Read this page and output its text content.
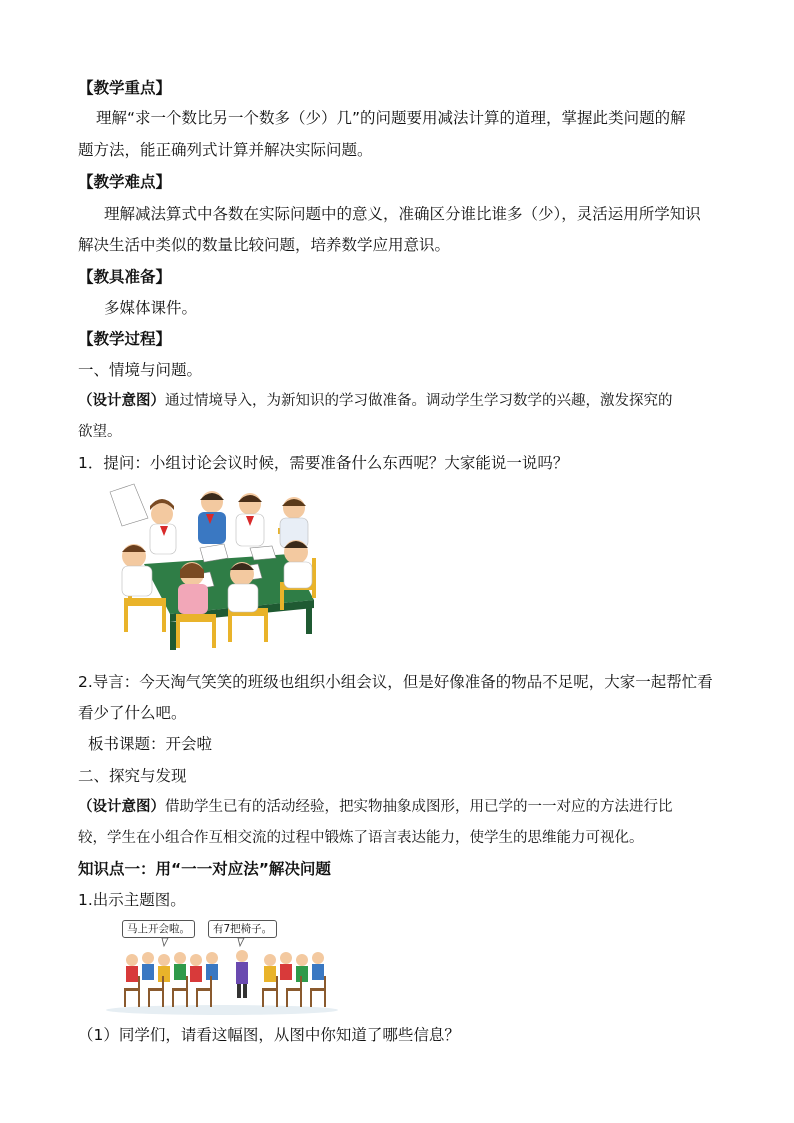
【教学重点】
理解“求一个数比另一个数多（少）几”的问题要用减法计算的道理，掌握此类问题的解
题方法，能正确列式计算并解决实际问题。
【教学难点】
理解减法算式中各数在实际问题中的意义，准确区分谁比谁多（少），灵活运用所学知识
解决生活中类似的数量比较问题，培养数学应用意识。
【教具准备】
多媒体课件。
【教学过程】
一、情境与问题。
（设计意图）通过情境导入，为新知识的学习做准备。调动学生学习数学的兴趣，激发探究的
欲望。
1．提问：小组讨论会议时候，需要准备什么东西呢？大家能说一说吗？
2.导言：今天淘气笑笑的班级也组织小组会议，但是好像准备的物品不足呢，大家一起帮忙看
看少了什么吧。
板书课题：开会啦
二、探究与发现
（设计意图）借助学生已有的活动经验，把实物抽象成图形，用已学的一一对应的方法进行比
较，学生在小组合作互相交流的过程中锻炼了语言表达能力，使学生的思维能力可视化。
知识点一：用“一一对应法”解决问题
1.出示主题图。
马上开会啦。	有7把椅子。
（1）同学们，请看这幅图，从图中你知道了哪些信息？
